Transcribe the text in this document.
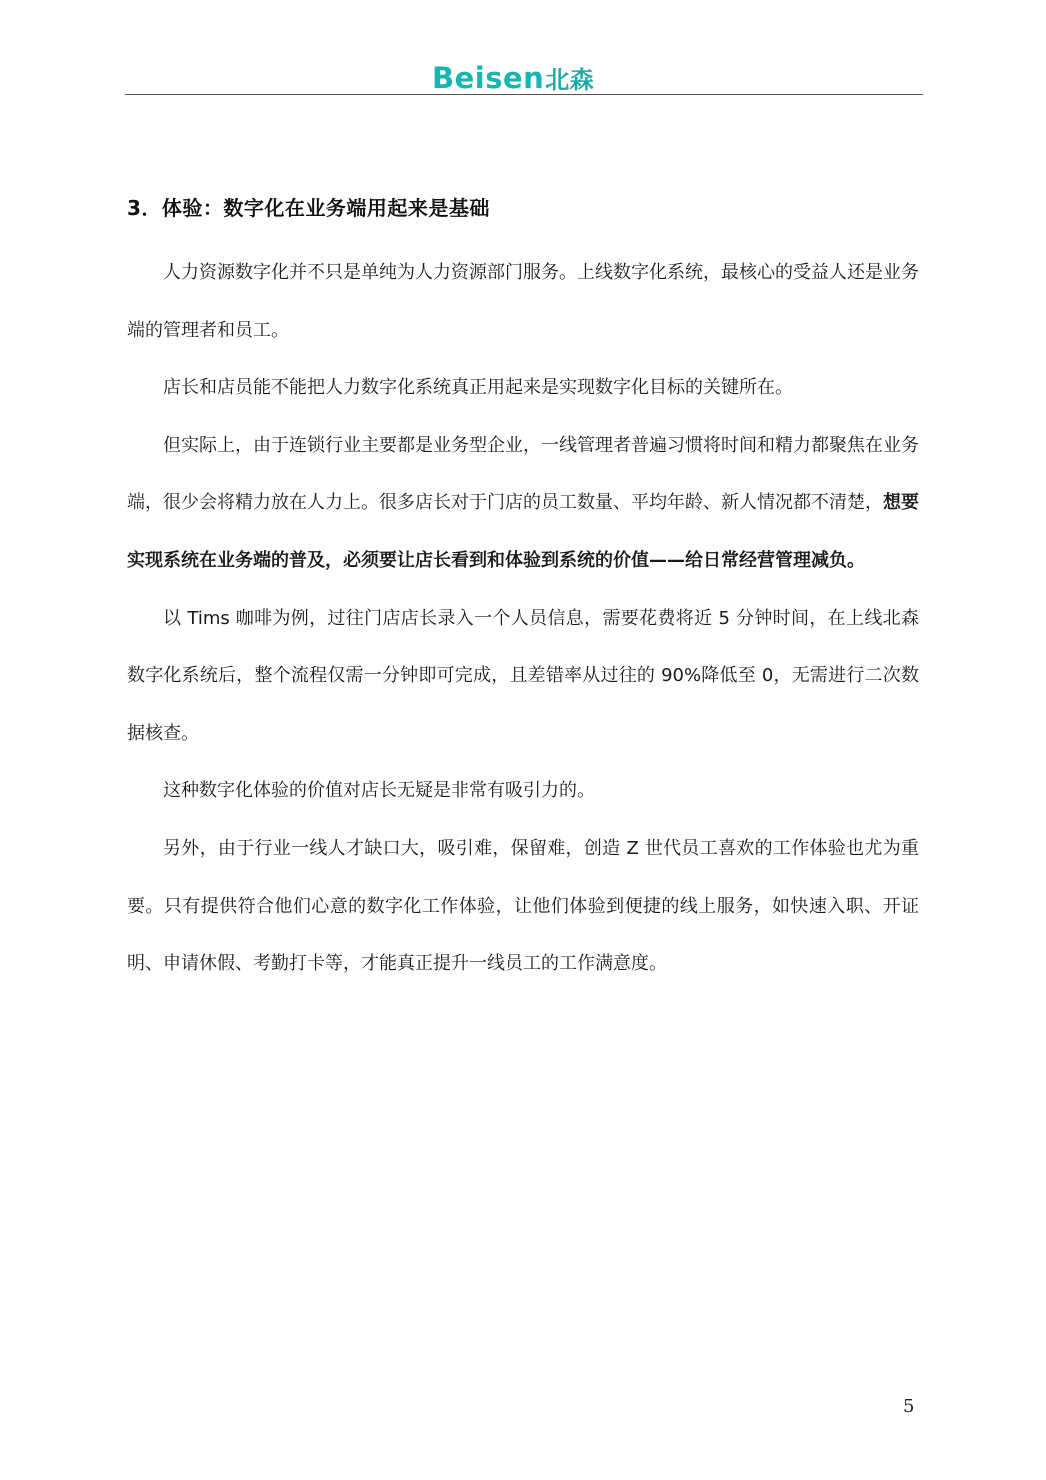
Beisen北森
3．体验：数字化在业务端用起来是基础

人力资源数字化并不只是单纯为人力资源部门服务。上线数字化系统，最核心的受益人还是业务端的管理者和员工。

店长和店员能不能把人力数字化系统真正用起来是实现数字化目标的关键所在。

但实际上，由于连锁行业主要都是业务型企业，一线管理者普遍习惯将时间和精力都聚焦在业务端，很少会将精力放在人力上。很多店长对于门店的员工数量、平均年龄、新人情况都不清楚，想要实现系统在业务端的普及，必须要让店长看到和体验到系统的价值——给日常经营管理减负。

以 Tims 咖啡为例，过往门店店长录入一个人员信息，需要花费将近 5 分钟时间，在上线北森数字化系统后，整个流程仅需一分钟即可完成，且差错率从过往的 90%降低至 0，无需进行二次数据核查。

这种数字化体验的价值对店长无疑是非常有吸引力的。

另外，由于行业一线人才缺口大，吸引难，保留难，创造 Z 世代员工喜欢的工作体验也尤为重要。只有提供符合他们心意的数字化工作体验，让他们体验到便捷的线上服务，如快速入职、开证明、申请休假、考勤打卡等，才能真正提升一线员工的工作满意度。

5
